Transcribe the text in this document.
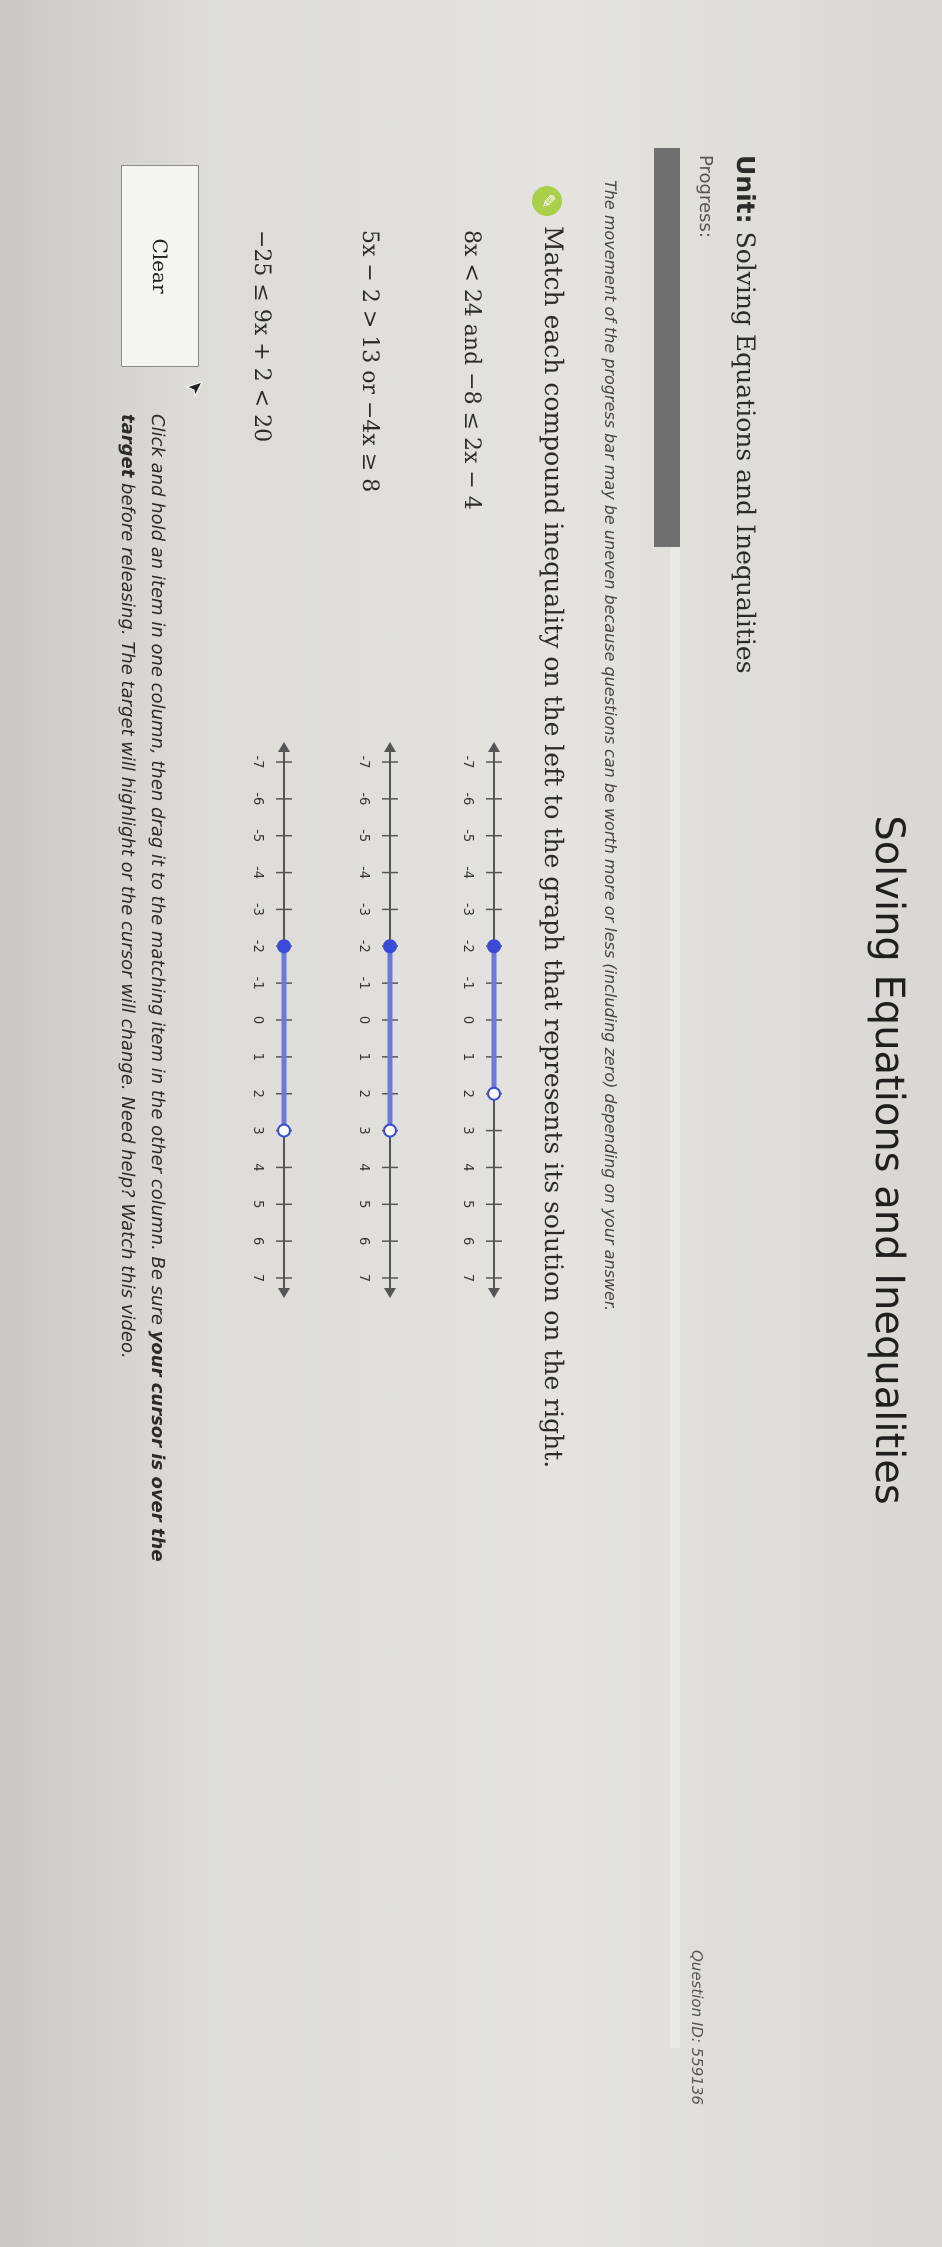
Solving Equations and Inequalities
Unit: Solving Equations and Inequalities
Progress:
Question ID: 559136
The movement of the progress bar may be uneven because questions can be worth more or less (including zero) depending on your answer.
✎
Match each compound inequality on the left to the graph that represents its solution on the right.
8x < 24 and −8 ≤ 2x − 4
5x − 2 > 13 or −4x ≥ 8
−25 ≤ 9x + 2 < 20
-7
-6
-5
-4
-3
-2
-1
0
1
2
3
4
5
6
7
-7
-6
-5
-4
-3
-2
-1
0
1
2
3
4
5
6
7
-7
-6
-5
-4
-3
-2
-1
0
1
2
3
4
5
6
7
Clear
Click and hold an item in one column, then drag it to the matching item in the other column. Be sure your cursor is over the
target before releasing. The target will highlight or the cursor will change. Need help? Watch this video.
